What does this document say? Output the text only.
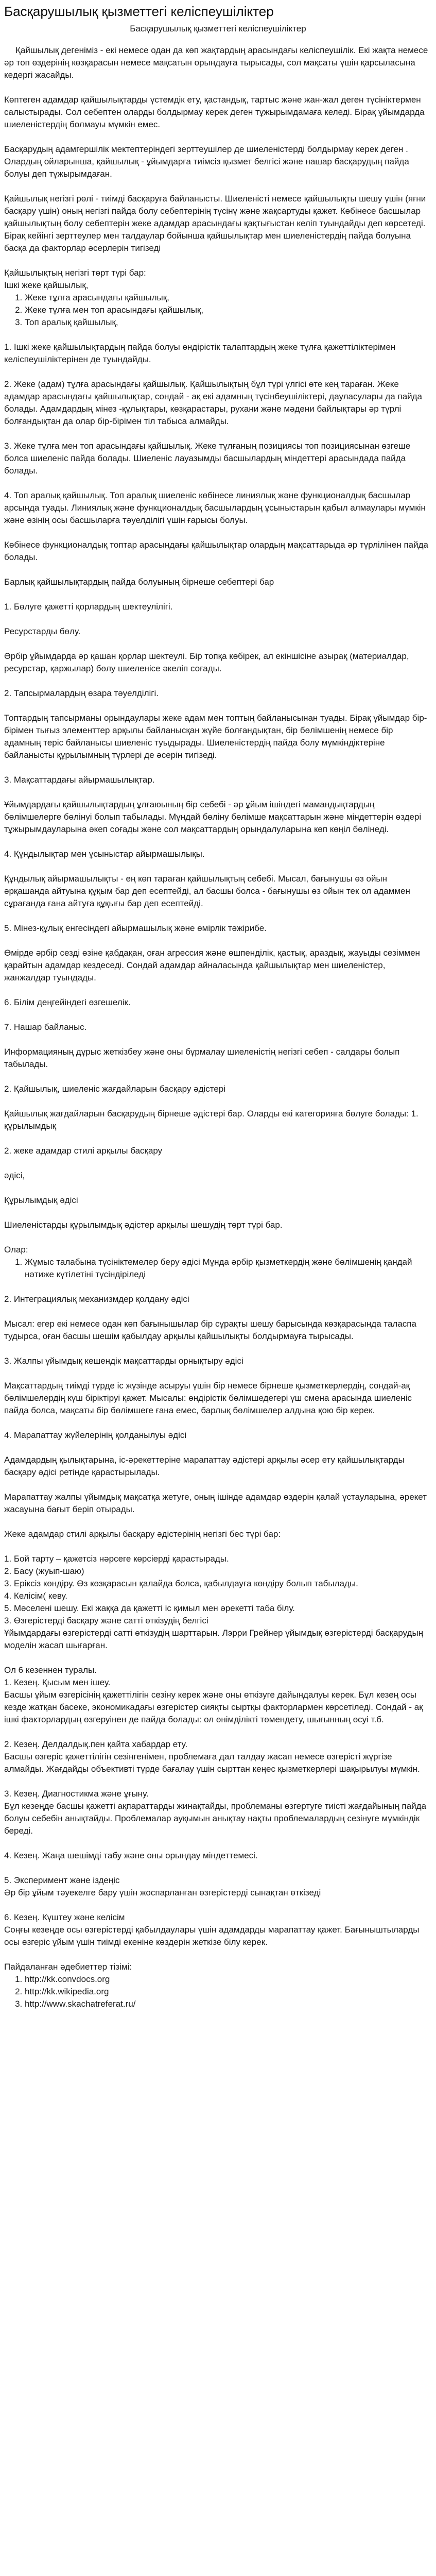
Басқарушылық қызметтегі келіспеушіліктер
Басқарушылық қызметтегі келіспеушіліктер

Қайшылық дегеніміз - екі немесе одан да көп жақтардың арасындағы келіспеушілік. Екі жақта немесе әр топ өздерінің көзқарасын немесе мақсатын орындауға тырысады, сол мақсаты үшін қарсыласына кедергі жасайды.

Көптеген адамдар қайшылықтарды үстемдік ету, қастандық, тартыс және жан-жал деген түсініктермен салыстырады. Сол себептен оларды болдырмау керек деген тұжырымдамаға келеді. Бірақ ұйымдарда шиеленістердің болмауы мүмкін емес.

Басқарудың адамгершілік мектептеріндегі зерттеушілер де шиеленістерді болдырмау керек деген . Олардың ойларынша, қайшылық - ұйымдарға тиімсіз қызмет белгісі және нашар басқарудың пайда болуы деп тұжырымдаған.

Қайшылық негізгі рөлі - тиімді басқаруға байланысты. Шиеленісті немесе қайшылықты шешу үшін (яғни басқару үшін) оның негізгі пайда болу себептерінің түсінү және жақсартуды қажет. Көбінесе басшылар қайшылықтың болу себептерін жеке адамдар арасындағы қақтығыстан келіп туындайды деп көрсетеді. Бірақ кейінгі зерттеулер мен талдаулар бойынша қайшылықтар мен шиеленістердің пайда болуына басқа да факторлар әсерлерін тигізеді

Қайшылықтың негізгі төрт түрі бар:

Ішкі жеке қайшылық,
1. Жеке тұлға арасындағы қайшылық,
2. Жеке тұлға мен топ арасындағы қайшылық,
3. Топ аралық қайшылық,

1. Ішкі жеке қайшылықтардың пайда болуы өндірістік талаптардың жеке тұлға қажеттіліктерімен келіспеушіліктерінен де туындайды.

2. Жеке (адам) тұлға арасындағы қайшылық. Қайшылықтың бұл түрі үлгісі өте кең тараған. Жеке адамдар арасындағы қайшылықтар, сондай - ақ екі адамның түсінбеушіліктері, дауласулары да пайда болады. Адамдардың мінез -құлықтары, көзқарастары, рухани және мәдени байлықтары әр түрлі болғандықтан да олар бір-бірімен тіл табыса алмайды.

3. Жеке тұлға мен топ арасындағы қайшылық. Жеке тұлғаның позициясы топ позициясынан өзгеше болса шиеленіс пайда болады. Шиеленіс лауазымды басшылардың міндеттері арасындада пайда болады.

4. Топ аралық қайшылық. Топ аралық шиеленіс көбінесе линиялық және функционалдық басшылар арсында туады. Линиялық және функционалдық басшылардың ұсыныстарын қабыл алмаулары мүмкін және өзінің осы басшыларға тәуелділігі үшін ғарысы болуы.

Көбінесе функционалдық топтар арасындағы қайшылықтар олардың мақсаттарыда әр түрлілінен пайда болады.

Барлық қайшылықтардың пайда болуының бірнеше себептері бар

1. Бөлуге қажетті қорлардың шектеулілігі.

Ресурстарды бөлу.

Әрбір ұйымдарда әр қашан қорлар шектеулі. Бір топқа көбірек, ал екіншісіне азырақ (материалдар, ресурстар, қаржылар) бөлу шиеленісе әкеліп соғады.

2. Тапсырмалардың өзара тәуелділігі.

Топтардың тапсырманы орындаулары жеке адам мен топтың байланысынан туады. Бірақ ұйымдар бір-бірімен тығыз элементтер арқылы байланысқан жүйе болғандықтан, бір бөлімшенің немесе бір адамның теріс байланысы шиеленіс туыдырады. Шиеленістердің пайда болу мүмкіндіктеріне байланысты құрылымның түрлері де әсерін тигізеді.

3. Мақсаттардағы айырмашылықтар.

Ұйымдардағы қайшылықтардың ұлғаюының бір себебі - әр ұйым ішіндегі мамандықтардың бөлімшелерге бөлінуі болып табылады. Мұндай бөліну бөлімше мақсаттарын және міндеттерін өздері тұжырымдауларына әкеп соғады және сол мақсаттардың орындалуларына көп көңіл бөлінеді.

4. Құндылықтар мен ұсыныстар айырмашылықы.

Құндылық айырмашылықты - ең көп тараған қайшылықтың себебі. Мысал, бағынушы өз ойын әрқашанда айтуына құқым бар деп есептейді, ал басшы болса - бағынушы өз ойын тек ол адаммен сұрағанда ғана айтуға құқығы бар деп есептейді.

5. Мінез-құлық енгесіндегі айырмашылық және өмірлік тәжірибе.

Өмірде әрбір сезді өзіне қабдақан, оған агрессия және өшпенділік, қастық, араздық, жауыды сезіммен қарайтын адамдар кездеседі. Сондай адамдар айналасында қайшылықтар мен шиеленістер, жанжалдар туындады.

6. Білім деңгейіндегі өзгешелік.

7. Нашар байланыс.

Информацияның дұрыс жеткізбеу және оны бұрмалау шиеленістің негізгі себеп - салдары болып табылады.

2. Қайшылық, шиеленіс жағдайларын басқару әдістері

Қайшылық жағдайларын басқарудың бірнеше әдістері бар. Оларды екі категорияға бөлуге болады: 1. құрылымдық

2. жеке адамдар стилі арқылы басқару

әдісі,

Құрылымдық әдісі

Шиеленістарды құрылымдық әдістер арқылы шешудің төрт түрі бар.

Олар:

1. Жұмыс талабына түсініктемелер беру әдісі Мұнда әрбір қызметкердің және бөлімшенің қандай нәтиже күтілетіні түсіндіріледі

2. Интеграциялық механизмдер қолдану әдісі

Мысал: егер екі немесе одан көп бағынышылар бір сұрақты шешу барысында көзқарасында таласпа тудырса, оған басшы шешім қабылдау арқылы қайшылықты болдырмауға тырысады.

3. Жалпы ұйымдық кешендік мақсаттарды орнықтыру әдісі

Мақсаттардың тиімді түрде іс жүзінде асыруы үшін бір немесе бірнеше қызметкерлердің, сондай-ақ бөлімшелердің күш біріктіруі қажет. Мысалы: өндірістік бөлімшедегері үш смена арасында шиеленіс пайда болса, мақсаты бір бөлімшеге ғана емес, барлық бөлімшелер алдына қою бір керек.

4. Марапаттау жүйелерінің қолданылуы әдісі

Адамдардың қылықтарына, іс-әрекеттеріне марапаттау әдістері арқылы әсер ету қайшылықтарды басқару әдісі ретінде қарастырылады.

Марапаттау жалпы ұйымдық мақсатқа жетуге, оның ішінде адамдар өздерін қалай ұстауларына, әрекет жасауына бағыт беріп отырады.

Жеке адамдар стилі арқылы басқару әдістерінің негізгі бес түрі бар:

1. Бой тарту – қажетсіз нәрсеге көрсіерді қарастырады.
2. Басу (жуып-шаю)
3. Еріксіз көндіру. Өз көзқарасын қалайда болса, қабылдауға көндіру болып табылады.
4. Келісім( кеву.
5. Мәселені шешу. Екі жаққа да қажетті іс қимыл мен әрекетті таба білу.
3. Өзгерістерді басқару және сатті өткізудің белгісі
Ұйымдардағы өзгерістерді сатті өткізудің шарттарын. Лэрри Грейнер ұйымдық өзгерістерді басқарудың моделін жасап шығарған.

Ол 6 кезеннен туралы.
1. Кезең. Қысым мен ішеу.
Басшы ұйым өзгерісінің қажеттілігін сезіну керек және оны өткізуге дайындалуы керек. Бұл кезең осы кезде жатқан басеке, экономикадағы өзгерістер сияқты сыртқы факторлармен көрсетіледі. Сондай - ақ ішкі факторлардың өзгеруінен де пайда болады: ол өнімділікті төмендету, шығынның өсуі т.б.

2. Кезең. Делдалдық.пен қайта хабардар ету.
Басшы өзгеріс қажеттілігін сезінгенімен, проблемаға дал талдау жасап немесе өзгерісті жүргізе алмайды. Жағдайды объективті түрде бағалау үшін сырттан кеңес қызметкерлері шақырылуы мүмкін.

3. Кезең. Диагностикма және ұғыну.
Бұл кезеңде басшы қажетті ақпараттарды жинақтайды, проблеманы өзгертуге тиісті жағдайының пайда болуы себебін анықтайды. Проблемалар ауқымын анықтау нақты проблемалардың сезінуге мүмкіндік береді.

4. Кезең. Жаңа шешімді табу және оны орындау міндеттемесі.

5. Эксперимент және іздеңіс
Әр бір ұйым тәуекелге бару үшін жоспарланған өзгерістерді сынақтан өткізеді

6. Кезең. Күштеу және келісім
Соңғы кезеңде осы өзгерістерді қабылдаулары үшін адамдарды марапаттау қажет. Бағыныштыларды осы өзгеріс ұйым үшін тиімді екеніне көздерін жеткізе білу керек.

Пайдаланған әдебиеттер тізімі:

1. http://kk.convdocs.org
2. http://kk.wikipedia.org
3. http://www.skachatreferat.ru/
